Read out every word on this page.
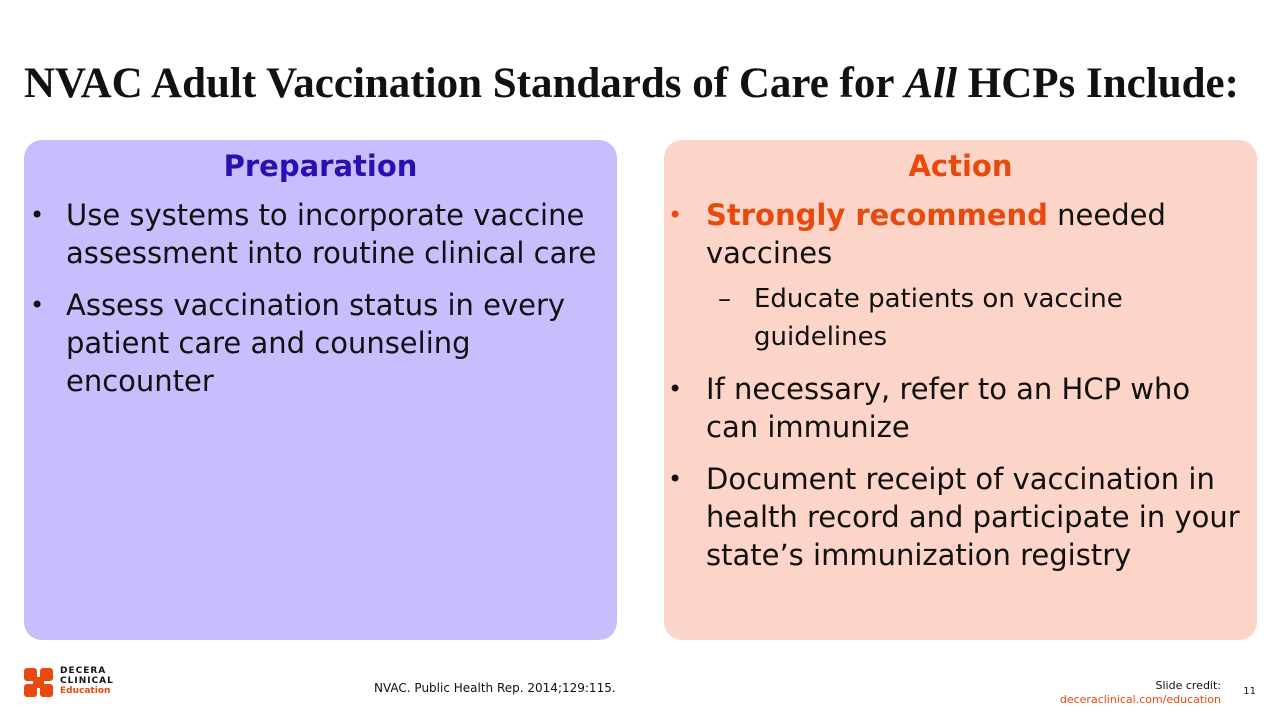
NVAC Adult Vaccination Standards of Care for All HCPs Include:
Preparation
• Use systems to incorporate vaccine assessment into routine clinical care
• Assess vaccination status in every patient care and counseling encounter
Action
• Strongly recommend needed vaccines
– Educate patients on vaccine guidelines
• If necessary, refer to an HCP who can immunize
• Document receipt of vaccination in health record and participate in your state’s immunization registry
DECERA
CLINICAL
Education	NVAC. Public Health Rep. 2014;129:115.	Slide credit:
deceraclinical.com/education
11
